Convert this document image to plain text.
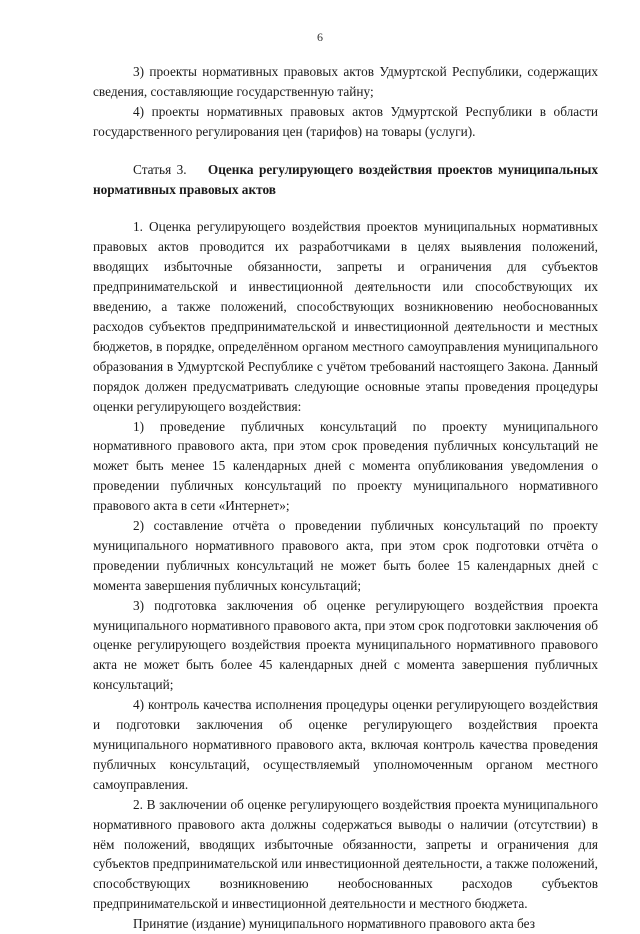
6

3) проекты нормативных правовых актов Удмуртской Республики, содержащих сведения, составляющие государственную тайну;

4) проекты нормативных правовых актов Удмуртской Республики в области государственного регулирования цен (тарифов) на товары (услуги).

Статья 3. Оценка регулирующего воздействия проектов муниципальных нормативных правовых актов

1. Оценка регулирующего воздействия проектов муниципальных нормативных правовых актов проводится их разработчиками в целях выявления положений, вводящих избыточные обязанности, запреты и ограничения для субъектов предпринимательской и инвестиционной деятельности или способствующих их введению, а также положений, способствующих возникновению необоснованных расходов субъектов предпринимательской и инвестиционной деятельности и местных бюджетов, в порядке, определённом органом местного самоуправления муниципального образования в Удмуртской Республике с учётом требований настоящего Закона. Данный порядок должен предусматривать следующие основные этапы проведения процедуры оценки регулирующего воздействия:

1) проведение публичных консультаций по проекту муниципального нормативного правового акта, при этом срок проведения публичных консультаций не может быть менее 15 календарных дней с момента опубликования уведомления о проведении публичных консультаций по проекту муниципального нормативного правового акта в сети «Интернет»;

2) составление отчёта о проведении публичных консультаций по проекту муниципального нормативного правового акта, при этом срок подготовки отчёта о проведении публичных консультаций не может быть более 15 календарных дней с момента завершения публичных консультаций;

3) подготовка заключения об оценке регулирующего воздействия проекта муниципального нормативного правового акта, при этом срок подготовки заключения об оценке регулирующего воздействия проекта муниципального нормативного правового акта не может быть более 45 календарных дней с момента завершения публичных консультаций;

4) контроль качества исполнения процедуры оценки регулирующего воздействия и подготовки заключения об оценке регулирующего воздействия проекта муниципального нормативного правового акта, включая контроль качества проведения публичных консультаций, осуществляемый уполномоченным органом местного самоуправления.

2. В заключении об оценке регулирующего воздействия проекта муниципального нормативного правового акта должны содержаться выводы о наличии (отсутствии) в нём положений, вводящих избыточные обязанности, запреты и ограничения для субъектов предпринимательской или инвестиционной деятельности, а также положений, способствующих возникновению необоснованных расходов субъектов предпринимательской и инвестиционной деятельности и местного бюджета.

Принятие (издание) муниципального нормативного правового акта без
